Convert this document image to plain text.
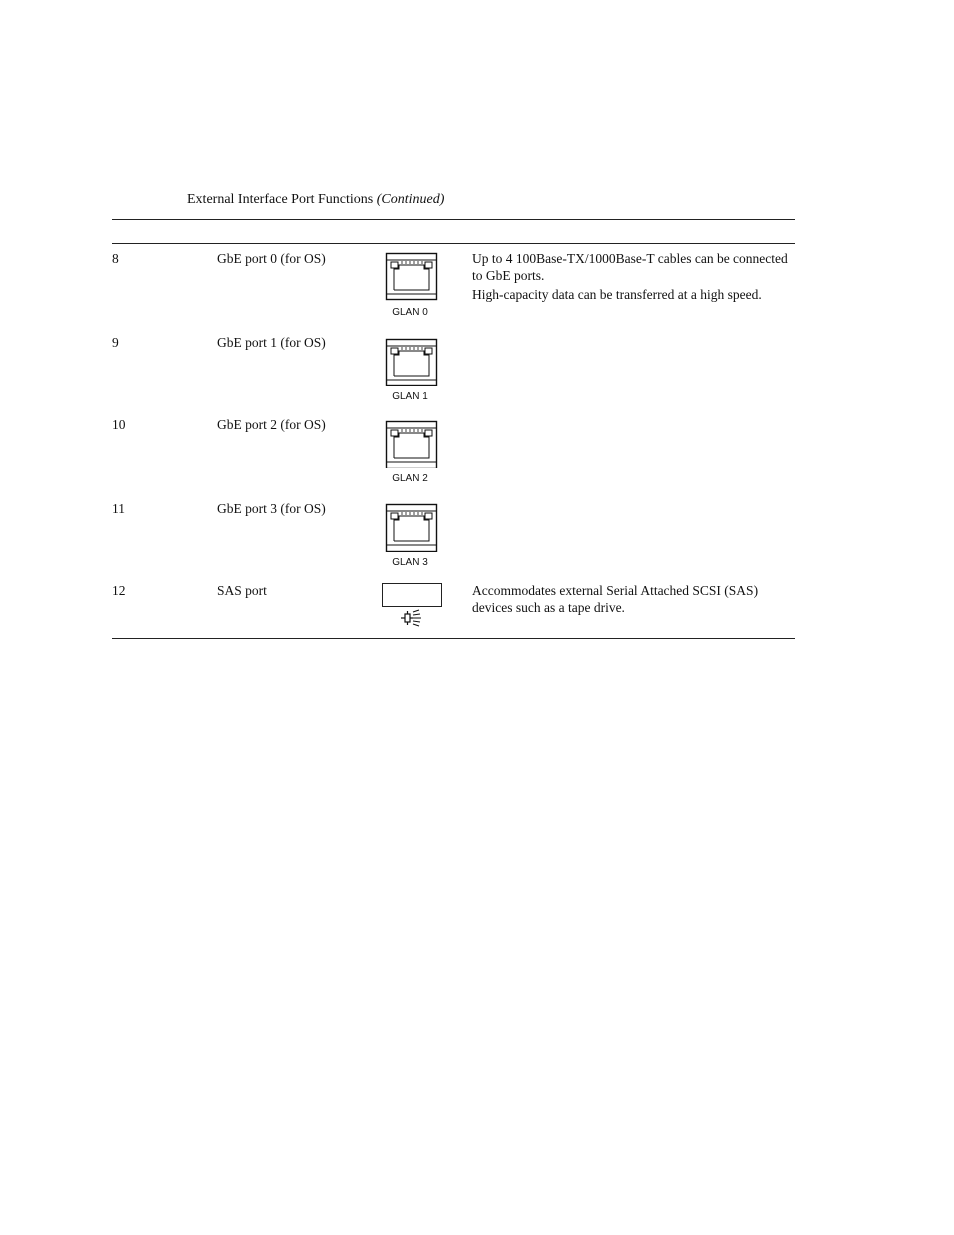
External Interface Port Functions (Continued)
8	GbE port 0 (for OS)
GLAN 0

Up to 4 100Base-TX/1000Base-T cables can be connected to GbE ports.

High-capacity data can be transferred at a high speed.

9	GbE port 1 (for OS)
GLAN 1
10	GbE port 2 (for OS)
GLAN 2
11	GbE port 3 (for OS)
GLAN 3
12	SAS port	Accommodates external Serial Attached SCSI (SAS) devices such as a tape drive.
